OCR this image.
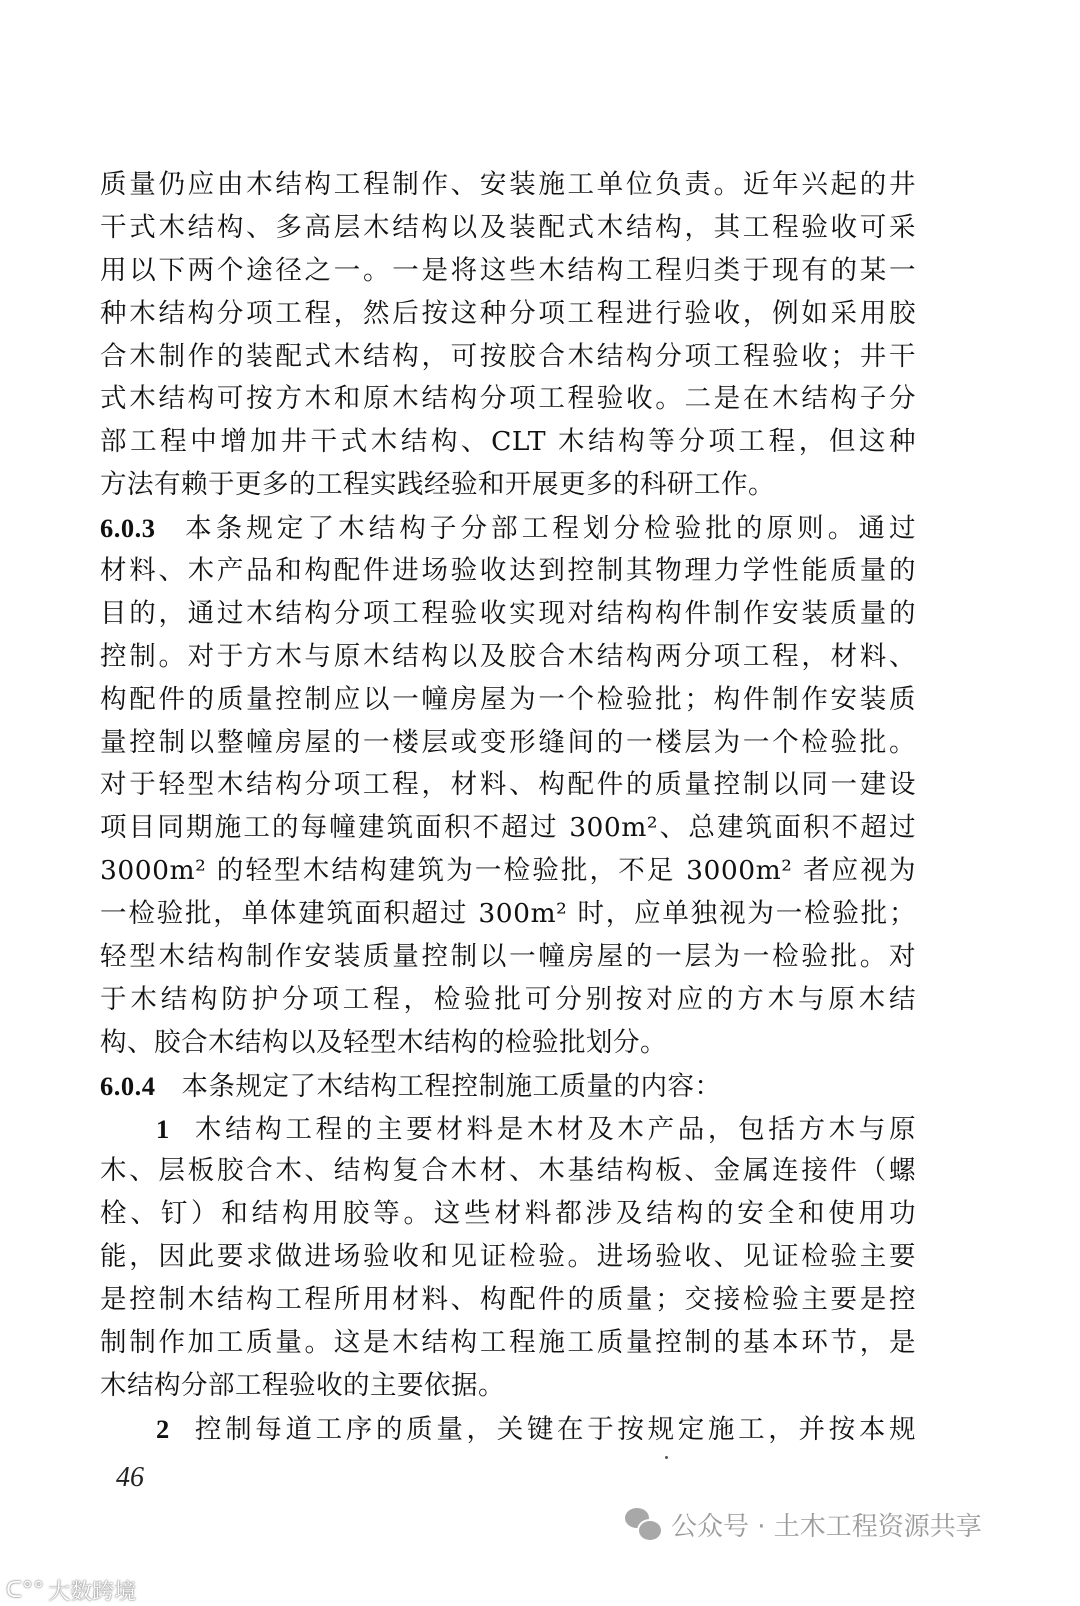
质量仍应由木结构工程制作、安装施工单位负责。近年兴起的井
干式木结构、多高层木结构以及装配式木结构，其工程验收可采
用以下两个途径之一。一是将这些木结构工程归类于现有的某一
种木结构分项工程，然后按这种分项工程进行验收，例如采用胶
合木制作的装配式木结构，可按胶合木结构分项工程验收；井干
式木结构可按方木和原木结构分项工程验收。二是在木结构子分
部工程中增加井干式木结构、CLT 木结构等分项工程，但这种
方法有赖于更多的工程实践经验和开展更多的科研工作。
6.0.3 本条规定了木结构子分部工程划分检验批的原则。通过
材料、木产品和构配件进场验收达到控制其物理力学性能质量的
目的，通过木结构分项工程验收实现对结构构件制作安装质量的
控制。对于方木与原木结构以及胶合木结构两分项工程，材料、
构配件的质量控制应以一幢房屋为一个检验批；构件制作安装质
量控制以整幢房屋的一楼层或变形缝间的一楼层为一个检验批。
对于轻型木结构分项工程，材料、构配件的质量控制以同一建设
项目同期施工的每幢建筑面积不超过 300m²、总建筑面积不超过
3000m² 的轻型木结构建筑为一检验批，不足 3000m² 者应视为
一检验批，单体建筑面积超过 300m² 时，应单独视为一检验批；
轻型木结构制作安装质量控制以一幢房屋的一层为一检验批。对
于木结构防护分项工程，检验批可分别按对应的方木与原木结
构、胶合木结构以及轻型木结构的检验批划分。
6.0.4 本条规定了木结构工程控制施工质量的内容：
1 木结构工程的主要材料是木材及木产品，包括方木与原
木、层板胶合木、结构复合木材、木基结构板、金属连接件（螺
栓、钉）和结构用胶等。这些材料都涉及结构的安全和使用功
能，因此要求做进场验收和见证检验。进场验收、见证检验主要
是控制木结构工程所用材料、构配件的质量；交接检验主要是控
制制作加工质量。这是木结构工程施工质量控制的基本环节，是
木结构分部工程验收的主要依据。
2 控制每道工序的质量，关键在于按规定施工，并按本规
46
公众号 · 土木工程资源共享
ᑕ°° 大数跨境
